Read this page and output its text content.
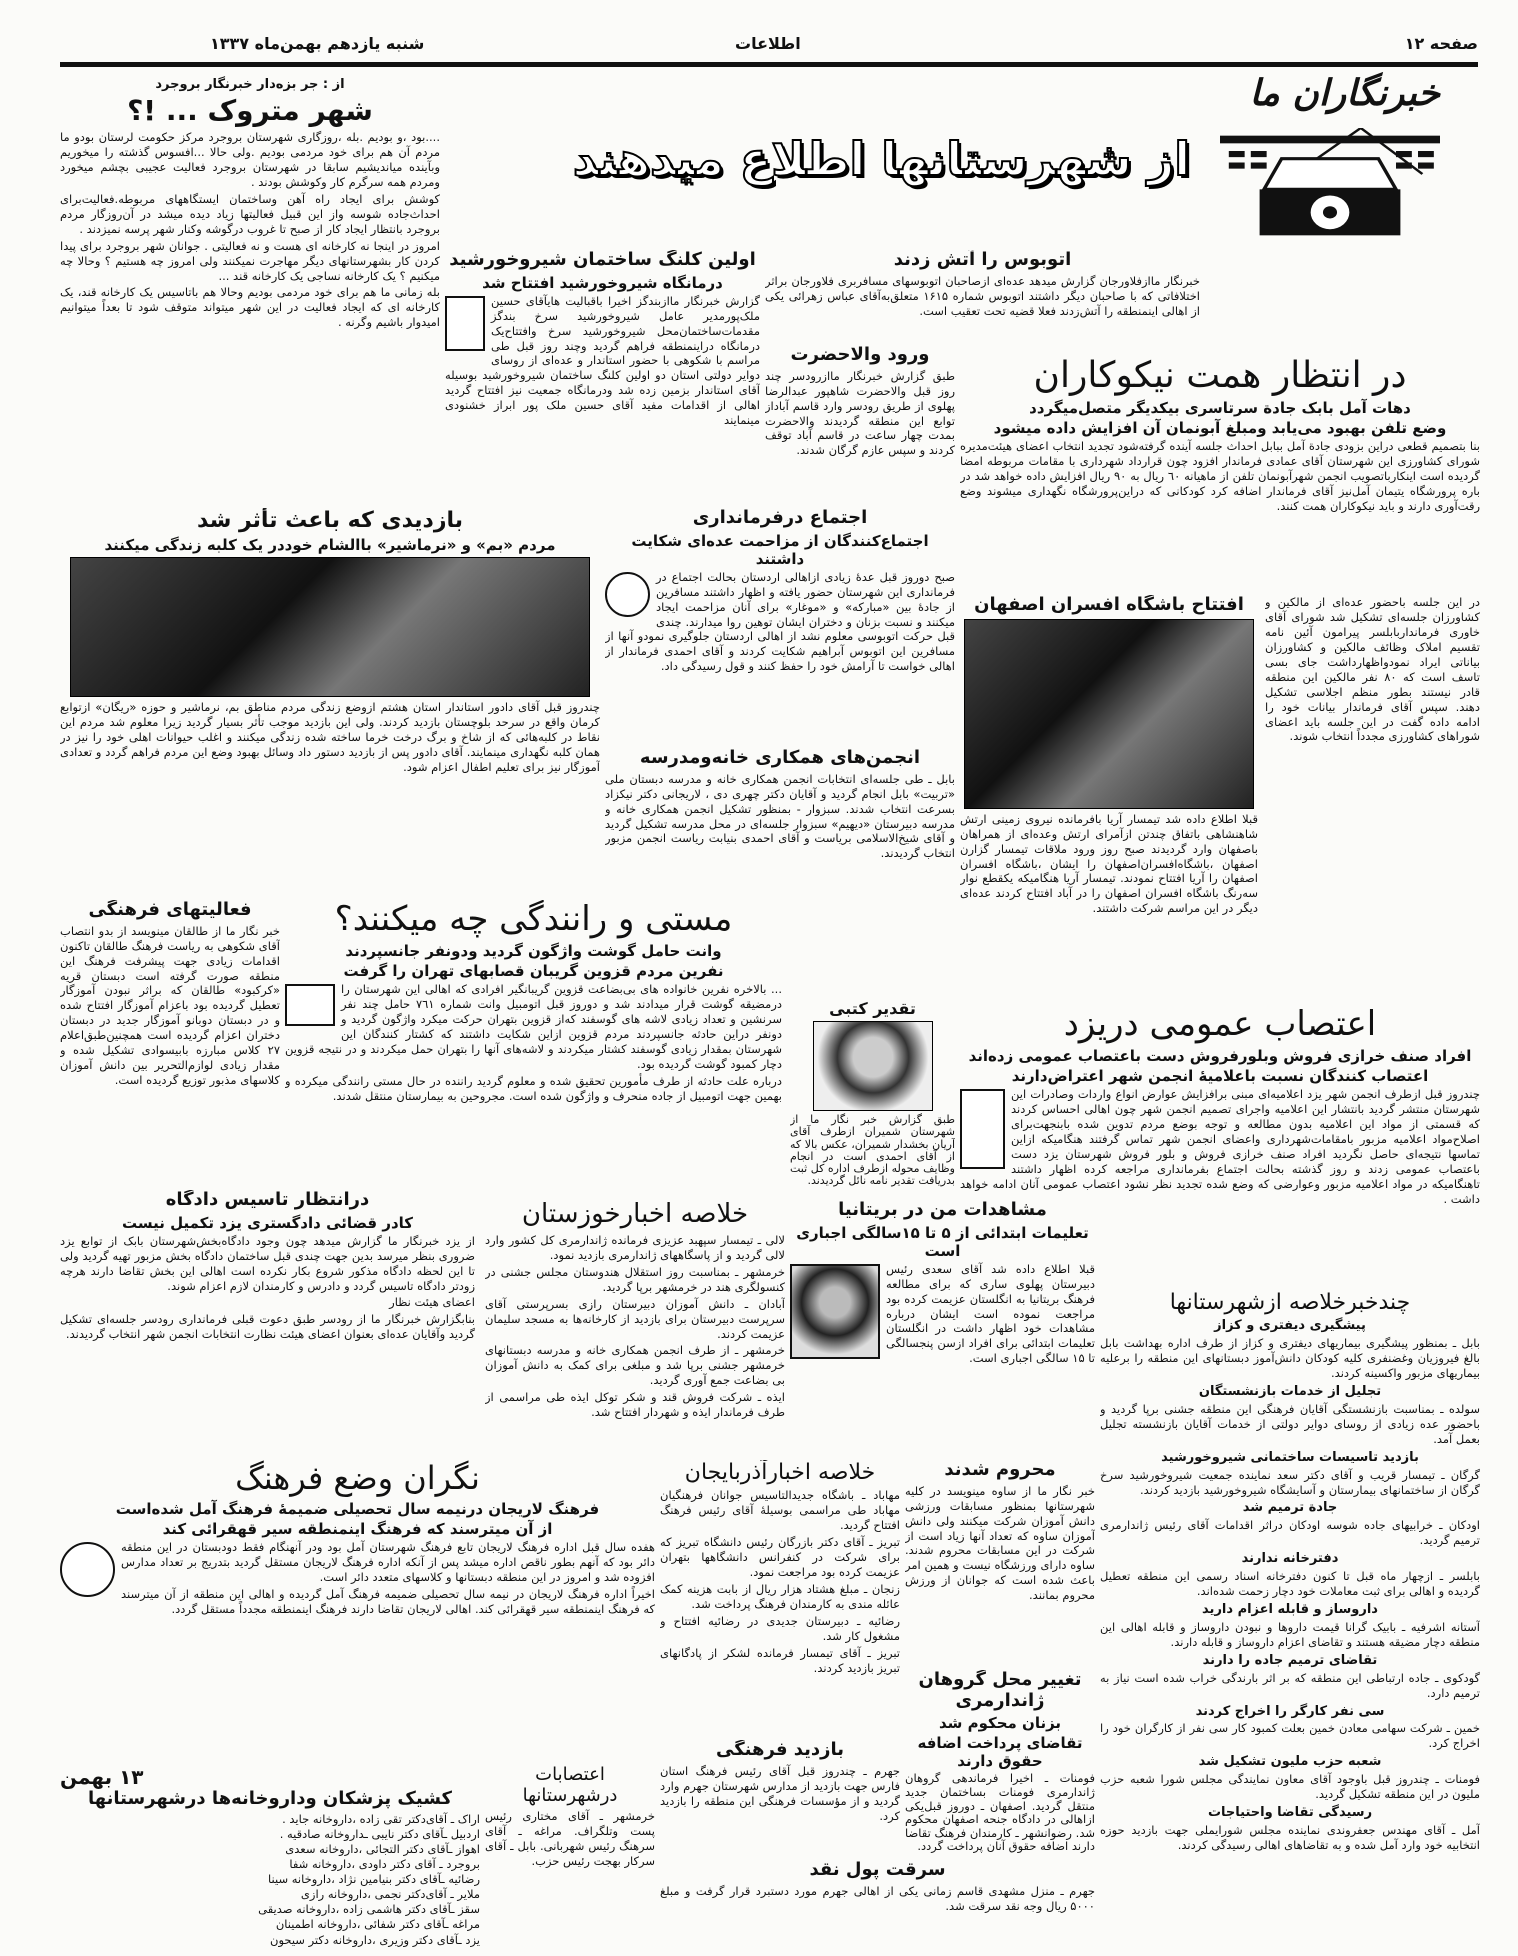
صفحه ۱۲
اطلاعات
شنبه یازدهم بهمن‌ماه ۱۳۳۷
از شهرستانها اطلاع میدهند
خبرنگاران ما
از : جر بزه‌دار خبرنگار بروجرد
شهر متروک ... !؟

....بود ،و بودیم .بله ،روزگاری شهرستان بروجرد مرکز حکومت لرستان بودو ما مردم آن هم برای خود مردمی بودیم .ولی حالا ...افسوس گذشته را میخوریم وبآینده میاندیشیم سابقا در شهرستان بروجرد فعالیت عجیبی بچشم میخورد ومردم همه سرگرم کار وکوشش بودند .

کوشش برای ایجاد راه آهن وساختمان ایستگاههای مربوطه.فعالیت‌برای احداث‌جاده شوسه واز این قبیل فعالیتها زیاد دیده میشد در آن‌روزگار مردم بروجرد بانتظار ایجاد کار از صبح تا غروب درگوشه وکنار شهر پرسه نمیزدند .

امروز در اینجا نه کارخانه ای هست و نه فعالیتی . جوانان شهر بروجرد برای پیدا کردن کار بشهرستانهای دیگر مهاجرت نمیکنند ولی امروز چه هستیم ؟ وحالا چه میکنیم ؟ یک کارخانه نساجی یک کارخانه قند ...

بله زمانی ما هم برای خود مردمی بودیم وحالا هم باتاسیس یک کارخانه قند، یک کارخانه ای که ایجاد فعالیت در این شهر میتواند متوقف شود تا بعداً میتوانیم امیدوار باشیم وگرنه .

اولین کلنگ ساختمان شیروخورشید
درمانگاه شیروخورشید افتتاح شد

گزارش خبرنگار ماازبندگز اخیرا باقبالیت هایآقای حسین ملک‌پور‌مدیر عامل شیروخورشید سرخ بندگز مقدمات‌ساختمان‌محل شیروخورشید سرخ وافتتاح‌یک درمانگاه دراینمنطقه فراهم گردید وچند روز قبل طی مراسم با شکوهی با حضور استاندار و عده‌ای از روسای دوایر دولتی استان دو اولین کلنگ ساختمان شیروخورشید بوسیله آقای استاندار بزمین زده شد ودرمانگاه جمعیت نیز افتتاح گردید اهالی از اقدامات مفید آقای حسین ملک پور ابراز خشنودی مینمایند

اتوبوس را آتش زدند

خبرنگار ماازفلاورجان گزارش میدهد عده‌ای ازصاحبان اتوبوسهای مسافربری فلاورجان براثر اختلافاتی که با صاحبان دیگر داشتند اتوبوس شماره ۱۶۱۵ متعلق‌به‌آقای عباس زهرائی یکی از اهالی اینمنطقه را آتش‌زدند فعلا قضیه تحت تعقیب است.

ورود والاحضرت

طبق گزارش خبرنگار ماازرودسر چند روز قبل والاحضرت شاهپور عبدالرضا پهلوی از طریق رودسر وارد قاسم آباداز توابع این منطقه گردیدند والاحضرت بمدت چهار ساعت در قاسم آباد توقف کردند و سپس عازم گرگان شدند.

در انتظار همت نیکوکاران
دهات آمل بابک جادة سرتاسری بیکدیگر متصل‌میگردد
وضع تلفن بهبود می‌یابد ومبلغ آبونمان آن افزایش داده میشود

بنا بتصمیم قطعی دراین بزودی جادة آمل ببابل احداث جلسه آینده گرفته‌شود تجدید انتخاب اعضای هیئت‌مدیره شورای کشاورزی این شهرستان آقای عمادی فرماندار افزود چون قرارداد شهرداری با مقامات مربوطه امضا گردیده است اینکارباتصویب انجمن شهرآبونمان تلفن از ماهیانه ٦٠ ریال به ٩٠ ریال افزایش داده خواهد شد در باره پرورشگاه یتیمان آمل‌نیز آقای فرماندار اضافه کرد کودکانی که دراین‌پرورشگاه نگهداری میشوند وضع رقت‌آوری دارند و باید نیکوکاران همت کنند.

در این جلسه باحضور عده‌ای از مالکین و کشاورزان جلسه‌ای تشکیل شد شورای آقای خاوری فرمانداربابلسر پیرامون آئین نامه تقسیم املاک وظائف مالکین و کشاورزان بیاناتی ایراد نمودواظهارداشت جای بسی تاسف است که ۸۰ نفر مالکین این منطقه قادر نیستند بطور منظم اجلاسی تشکیل دهند. سپس آقای فرماندار بیانات خود را ادامه داده گفت در این جلسه باید اعضای شوراهای کشاورزی مجدداً انتخاب شوند.

افتتاح باشگاه افسران اصفهان

قبلا اطلاع داده شد تیمسار آریا بافرمانده نیروی زمینی ارتش شاهنشاهی باتفاق چندتن ازآمرای ارتش وعده‌ای از همراهان باصفهان وارد گردیدند صبح روز ورود ملاقات تیمسار گزارن اصفهان ،باشگاه‌افسران‌اصفهان را ایشان ،باشگاه افسران اصفهان را آریا افتتاح نمودند. تیمسار آریا هنگامیکه یکقطع نوار سه‌رنگ باشگاه افسران اصفهان را در آباد افتتاح کردند عده‌ای دیگر در این مراسم شرکت داشتند.

بازدیدی که باعث تأثر شد
مردم «بم» و «نرماشیر» باالشام خوددر یک کلبه زندگی میکنند

چندروز قبل آقای دادور استاندار استان هشتم ازوضع زندگی مردم مناطق بم، نرماشیر و حوزه «ریگان» ازتوابع کرمان واقع در سرحد بلوچستان بازدید کردند. ولی این بازدید موجب تأثر بسیار گردید زیرا معلوم شد مردم این نقاط در کلبه‌هائی که از شاخ و برگ درخت خرما ساخته شده زندگی میکنند و اغلب حیوانات اهلی خود را نیز در همان کلبه نگهداری مینمایند. آقای دادور پس از بازدید دستور داد وسائل بهبود وضع این مردم فراهم گردد و تعدادی آموزگار نیز برای تعلیم اطفال اعزام شود.

اجتماع درفرمانداری
اجتماع‌کنندگان از مزاحمت عده‌ای شکایت داشتند

صبح دوروز قبل عدهٔ زیادی ازاهالی اردستان بحالت اجتماع در فرمانداری این شهرستان حضور یافته و اظهار داشتند مسافرین از جادهٔ بین «مبارکه» و «موغار» برای آنان مزاحمت ایجاد میکنند و نسبت بزنان و دختران ایشان توهین روا میدارند. چندی قبل حرکت اتوبوسی معلوم نشد از اهالی اردستان جلوگیری نمودو آنها از مسافرین این اتوبوس آبراهیم شکایت کردند و آقای احمدی فرماندار از اهالی خواست تا آرامش خود را حفظ کنند و قول رسیدگی داد.

انجمن‌های همکاری خانه‌ومدرسه

بابل ـ طی جلسه‌ای انتخابات انجمن همکاری خانه و مدرسه دبستان ملی «تربیت» بابل انجام گردید و آقایان دکتر چهری دی ، لاریجانی دکتر نیکزاد بسرعت انتخاب شدند. سبزوار - بمنظور تشکیل انجمن همکاری خانه و مدرسه دبیرستان «دیهیم» سبزوار جلسه‌ای در محل مدرسه تشکیل گردید و آقای شیخ‌الاسلامی بریاست و آقای احمدی بنیابت ریاست انجمن مزبور انتخاب گردیدند.

فعالیتهای فرهنگی

خبر نگار ما از طالقان مینویسد از بدو انتصاب آقای شکوهی به ریاست فرهنگ طالقان تاکنون اقدامات زیادی جهت پیشرفت فرهنگ این منطقه صورت گرفته است دبستان قریه «کرکبود» طالقان که براثر نبودن آموزگار تعطیل گردیده بود باعزام آموزگار افتتاح شده و در دبستان دوبانو آموزگار جدید در دبستان دختران اعزام گردیده است همچنین‌طبق‌اعلام ۲۷ کلاس مبارزه بابیسوادی تشکیل شده و مقدار زیادی لوازم‌التحریر بین دانش آموزان کلاسهای مذبور توزیع گردیده است.

مستی و رانندگی چه میکنند؟
وانت حامل گوشت واژگون گردید ودونفر جانسپردند
نفرین مردم قزوین گریبان قصابهای تهران را گرفت

... بالاخره نفرین خانواده های بی‌بضاعت قزوین گریبانگیر افرادی که اهالی این شهرستان را درمضیقه گوشت قرار میدادند شد و دوروز قبل اتومبیل وانت شماره ٧٦١ حامل چند نفر سرنشین و تعداد زیادی لاشه های گوسفند که‌از قزوین بتهران حرکت میکرد واژگون گردید و دونفر دراین حادثه جانسپردند مردم قزوین ازاین شکایت داشتند که کشتار کنندگان این شهرستان بمقدار زیادی گوسفند کشتار میکردند و لاشه‌های آنها را بتهران حمل میکردند و در نتیجه قزوین دچار کمبود گوشت گردیده بود.

درباره علت حادثه از طرف مأمورین تحقیق شده و معلوم گردید راننده در حال مستی رانندگی میکرده و بهمین جهت اتومبیل از جاده منحرف و واژگون شده است. مجروحین به بیمارستان منتقل شدند.

تقدیر کتبی

طبق گزارش خبر نگار ما از شهرستان شمیران ازطرف آقای آریان بخشدار شمیران، عکس بالا که از آقای احمدی است در انجام وظایف محوله ازطرف اداره کل ثبت بدریافت تقدیر نامه نائل گردیدند.

اعتصاب عمومی دریزد
افراد صنف خرازی فروش وبلورفروش دست باعتصاب عمومی زده‌اند
اعتصاب کنندگان نسبت باعلامیهٔ انجمن شهر اعتراض‌دارند

چندروز قبل ازطرف انجمن شهر یزد اعلامیه‌ای مبنی برافزایش عوارض انواع واردات وصادرات این شهرستان منتشر گردید بانتشار این اعلامیه واجرای تصمیم انجمن شهر چون اهالی احساس کردند که قسمتی از مواد این اعلامیه بدون مطالعه و توجه بوضع مردم تدوین شده بابنجهت‌برای اصلاح‌مواد اعلامیه مزبور بامقامات‌شهرداری واعضای انجمن شهر تماس گرفتند هنگامیکه ازاین تماسها نتیجه‌ای حاصل نگردید افراد صنف خرازی فروش و بلور فروش شهرستان یزد دست باعتصاب عمومی زدند و روز گذشته بحالت اجتماع بفرمانداری مراجعه کرده اظهار داشتند تاهنگامیکه در مواد اعلامیه مزبور وعوارضی که وضع شده تجدید نظر نشود اعتصاب عمومی آنان ادامه خواهد داشت .

درانتظار تاسیس دادگاه
کادر قضائی دادگستری یزد تکمیل نیست

از یزد خبرنگار ما گزارش میدهد چون وجود دادگاه‌بخش‌شهرستان بابک از توابع یزد ضروری بنظر میرسد بدین جهت چندی قبل ساختمان دادگاه بخش مزبور تهیه گردید ولی تا این لحظه دادگاه مذکور شروع بکار نکرده است اهالی این بخش تقاضا دارند هرچه زودتر دادگاه تاسیس گردد و دادرس و کارمندان لازم اعزام شوند.

اعضای هیئت نظار

بنابگزارش خبرنگار ما از رودسر طبق دعوت قبلی فرمانداری رودسر جلسه‌ای تشکیل گردید وآقایان عده‌ای بعنوان اعضای هیئت نظارت انتخابات انجمن شهر انتخاب گردیدند.

خلاصه اخبارخوزستان

لالی ـ تیمسار سپهبد عزیزی فرمانده ژاندارمری کل کشور وارد لالی گردید و از پاسگاههای ژاندارمری بازدید نمود.

خرمشهر ـ بمناسبت روز استقلال هندوستان مجلس جشنی در کنسولگری هند در خرمشهر برپا گردید.

آبادان ـ دانش آموزان دبیرستان رازی بسرپرستی آقای سرپرست دبیرستان برای بازدید از کارخانه‌ها به مسجد سلیمان عزیمت کردند.

خرمشهر ـ از طرف انجمن همکاری خانه و مدرسه دبستانهای خرمشهر جشنی برپا شد و مبلغی برای کمک به دانش آموزان بی بضاعت جمع آوری گردید.

ایذه ـ شرکت فروش قند و شکر توکل ایذه طی مراسمی از طرف فرماندار ایذه و شهردار افتتاح شد.

مشاهدات من در بریتانیا
تعلیمات ابتدائی از ۵ تا ۱۵سالگی اجباری است

قبلا اطلاع داده شد آقای سعدی رئیس دبیرستان پهلوی ساری که برای مطالعه فرهنگ بریتانیا به انگلستان عزیمت کرده بود مراجعت نموده است ایشان درباره مشاهدات خود اظهار داشت در انگلستان تعلیمات ابتدائی برای افراد ازسن پنجسالگی تا ۱۵ سالگی اجباری است.

چندخبرخلاصه ازشهرستانها
پیشگیری دیفتری و کزاز

بابل ـ بمنظور پیشگیری بیماریهای دیفتری و کزاز از طرف اداره بهداشت بابل بالغ فیروزیان وغضنفری کلیه کودکان دانش‌آموز دبستانهای این منطقه را برعلیه بیماریهای مزبور واکسینه کردند.

تجلیل از خدمات بازنشستگان

سولده ـ بمناسبت بازنشستگی آقایان فرهنگی این منطقه جشنی برپا گردید و باحضور عده زیادی از روسای دوایر دولتی از خدمات آقایان بازنشسته تجلیل بعمل آمد.

بازدید تاسیسات ساختمانی شیروخورشید

گرگان ـ تیمسار قریب و آقای دکتر سعد نماینده جمعیت شیروخورشید سرخ گرگان از ساختمانهای بیمارستان و آسایشگاه شیروخورشید بازدید کردند.

جادة ترمیم شد

اودکان ـ خرابیهای جاده شوسه اودکان دراثر اقدامات آقای رئیس ژاندارمری ترمیم گردید.

دفترخانه ندارند

بابلسر ـ ازچهار ماه قبل تا کنون دفترخانه اسناد رسمی این منطقه تعطیل گردیده و اهالی برای ثبت معاملات خود دچار زحمت شده‌اند.

داروساز و قابله اعزام دارید

آستانه اشرفیه ـ بابیک گرانا قیمت داروها و نبودن داروساز و قابله اهالی این منطقه دچار مضیقه هستند و تقاضای اعزام داروساز و قابله دارند.

تقاضای ترمیم جاده را دارند

گودکوی ـ جاده ارتباطی این منطقه که بر اثر بارندگی خراب شده است نیاز به ترمیم دارد.

سی نفر کارگر را اخراج کردند

خمین ـ شرکت سهامی معادن خمین بعلت کمبود کار سی نفر از کارگران خود را اخراج کرد.

شعبه حزب ملیون تشکیل شد

فومنات ـ چندروز قبل باوجود آقای معاون نمایندگی مجلس شورا شعبه حزب ملیون در این منطقه تشکیل گردید.

رسیدگی تقاضا واحتیاجات

آمل ـ آقای مهندس جعفروندی نماینده مجلس شورایملی جهت بازدید حوزه انتخابیه خود وارد آمل شده و به تقاضاهای اهالی رسیدگی کردند.

نگران وضع فرهنگ
فرهنگ لاریجان درنیمه سال تحصیلی ضمیمهٔ فرهنگ آمل شده‌است
از آن میترسند که فرهنگ اینمنطقه سیر قهقرائی کند

هفده سال قبل اداره فرهنگ لاریجان تابع فرهنگ شهرستان آمل بود ودر آنهنگام فقط دودبستان در این منطقه دائر بود که آنهم بطور ناقص اداره میشد پس از آنکه اداره فرهنگ لاریجان مستقل گردید بتدریج بر تعداد مدارس افزوده شد و امروز در این منطقه دبستانها و کلاسهای متعدد دائر است.

اخیراً اداره فرهنگ لاریجان در نیمه سال تحصیلی ضمیمه فرهنگ آمل گردیده و اهالی این منطقه از آن میترسند که فرهنگ اینمنطقه سیر قهقرائی کند. اهالی لاریجان تقاضا دارند فرهنگ اینمنطقه مجدداً مستقل گردد.

خلاصه اخبارآذربایجان

مهاباد ـ باشگاه جدیدالتاسیس جوانان فرهنگیان مهاباد طی مراسمی بوسیلهٔ آقای رئیس فرهنگ افتتاح گردید.

تبریز ـ آقای دکتر بازرگان رئیس دانشگاه تبریز که برای شرکت در کنفرانس دانشگاهها بتهران عزیمت کرده بود مراجعت نمود.

زنجان ـ مبلغ هشتاد هزار ریال از بابت هزینه کمک عائله مندی به کارمندان فرهنگ پرداخت شد.

رضائیه ـ دبیرستان جدیدی در رضائیه افتتاح و مشغول کار شد.

تبریز ـ آقای تیمسار فرمانده لشکر از پادگانهای تبریز بازدید کردند.

محروم شدند

خبر نگار ما از ساوه مینویسد در کلیه شهرستانها بمنظور مسابقات ورزشی دانش آموزان شرکت میکنند ولی دانش آموزان ساوه که تعداد آنها زیاد است از شرکت در این مسابقات محروم شدند. ساوه دارای ورزشگاه نیست و همین امر باعث شده است که جوانان از ورزش محروم بمانند.

تغییر محل گروهان ژاندارمری
بزنان محکوم شد
تقاضای پرداخت اضافه حقوق دارند

فومنات ـ اخیرا فرماندهی گروهان ژاندارمری فومنات بساختمان جدید منتقل گردید. اصفهان ـ دوروز قبل‌یکی ازاهالی در دادگاه جنحه اصفهان محکوم شد. رضوانشهر ـ کارمندان فرهنگ تقاضا دارند اضافه حقوق آنان پرداخت گردد.

بازدید فرهنگی

جهرم ـ چندروز قبل آقای رئیس فرهنگ استان فارس جهت بازدید از مدارس شهرستان جهرم وارد گردید و از مؤسسات فرهنگی این منطقه را بازدید کرد.

۱۳ بهمن
کشیک پزشکان وداروخانه‌ها درشهرستانها

اراک ـ آقای‌دکتر تقی زاده ،داروخانه جاید .

اردبیل ـآقای دکتر نایبی ـداروخانه صادقیه .

اهواز ـآقای دکتر التجائی ،داروخانه سعدی

بروجرد ـ آقای دکتر داودی ،داروخانه شفا

رضائیه ـآقای دکتر بنیامین نژاد ،داروخانه سینا

ملایر ـ آقای‌دکتر نجمی ،داروخانه رازی

سقز ـآقای دکتر هاشمی زاده ،داروخانه صدیقی

مراغه ـآقای دکتر شفائی ،داروخانه اطمینان

یزد ـآقای دکتر وزیری ،داروخانه دکتر سیحون

اعتصابات درشهرستانها

خرمشهر ـ آقای مختاری رئیس پست وتلگراف. مراغه ـ آقای سرهنگ رئیس شهربانی. بابل ـ آقای سرکار بهجت رئیس حزب.	سرقت پول نقد

جهرم ـ منزل مشهدی قاسم زمانی یکی از اهالی جهرم مورد دستبرد قرار گرفت و مبلغ ۵۰۰۰ ریال وجه نقد سرقت شد.
